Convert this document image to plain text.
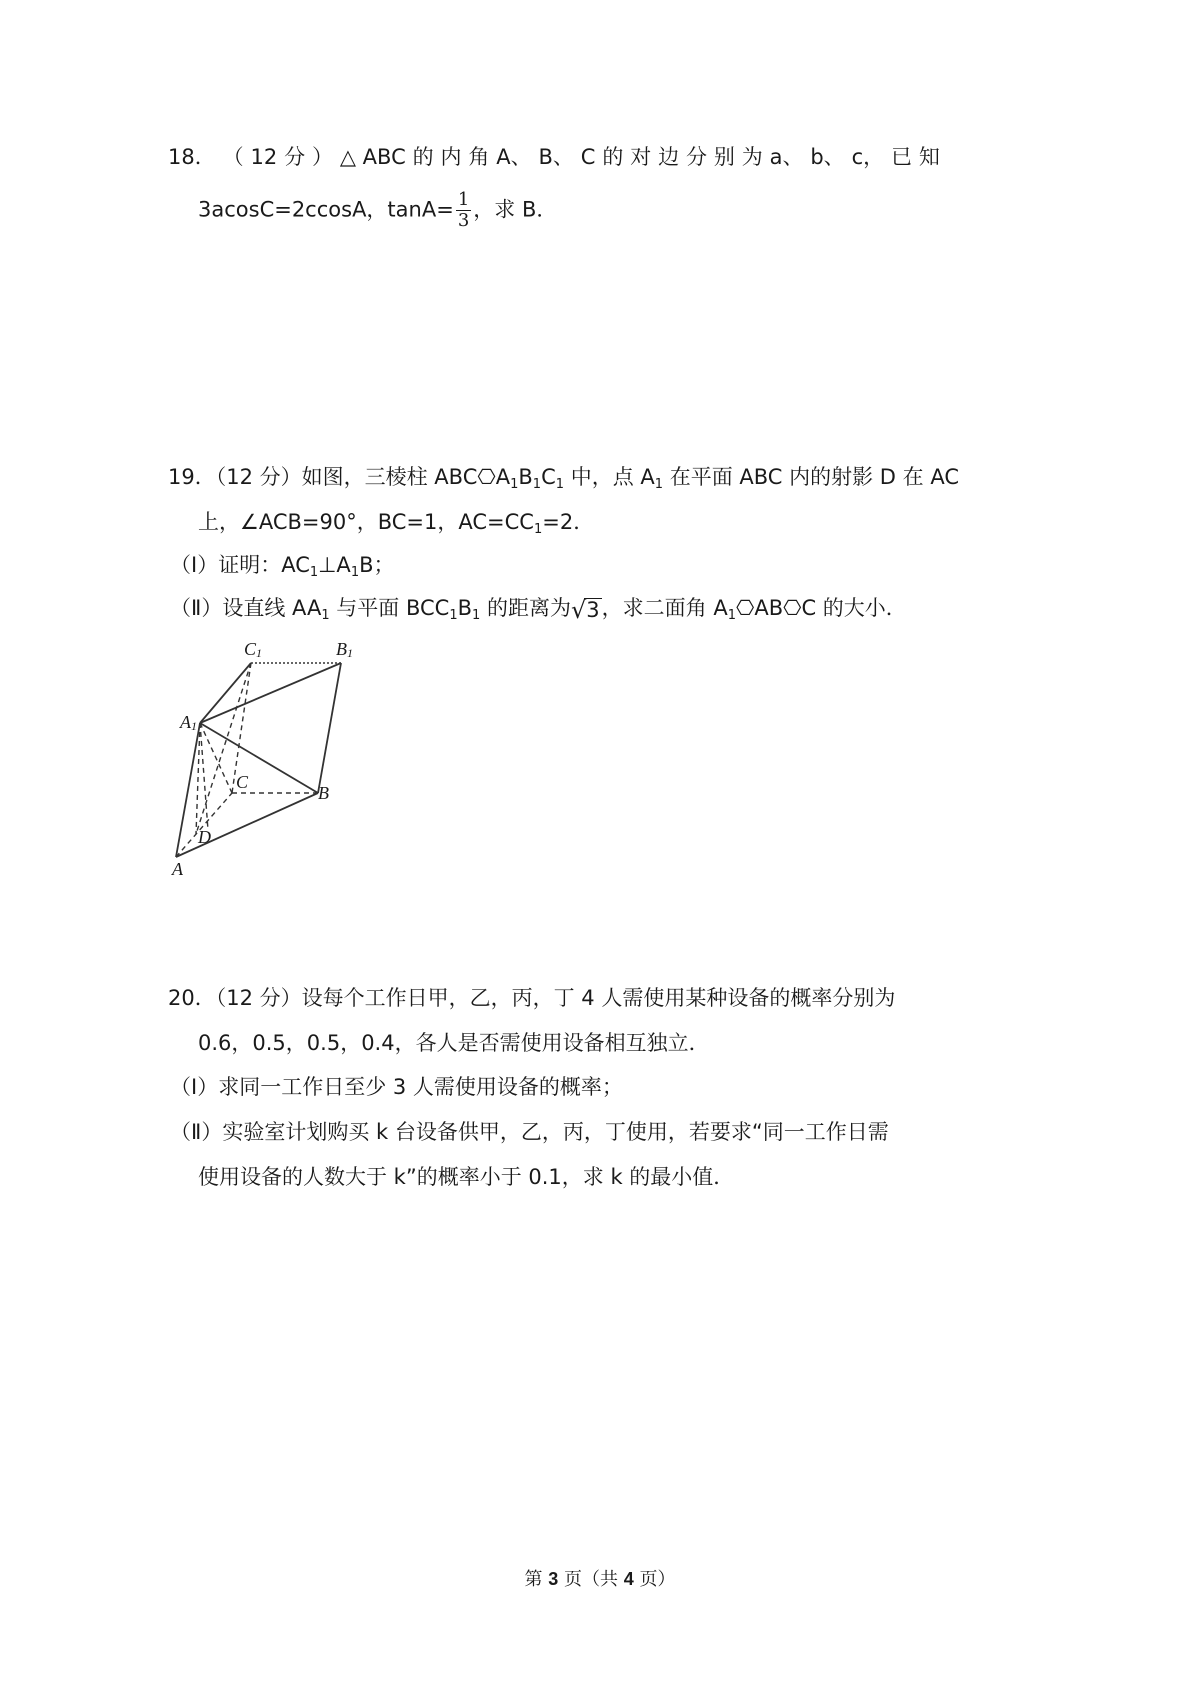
18． （ 12 分 ） △ ABC 的 内 角 A、 B、 C 的 对 边 分 别 为 a、 b、 c， 已 知
3acosC=2ccosA，$\tan A= \frac{1}{3}$ ，求 B．
19．（12 分）如图，三棱柱 $ABC⎔A_1B_1C_1$ 中，点 $A_1$ 在平面 ABC 内的射影 D 在 AC
上，∠ACB=90°，BC=1，$AC=CC_1=2$．
（Ⅰ）证明：$AC_1\perp A_1B$；
（Ⅱ）设直线 $AA_1$ 与平面 $BCC_1B_1$ 的距离为√3，求二面角 $A_1⎔AB⎔C$ 的大小．
C1	B1
A1
C
B
D
A
20．（12 分）设每个工作日甲，乙，丙，丁 4 人需使用某种设备的概率分别为
0.6，0.5，0.5，0.4，各人是否需使用设备相互独立．
（Ⅰ）求同一工作日至少 3 人需使用设备的概率；
（Ⅱ）实验室计划购买 k 台设备供甲，乙，丙，丁使用，若要求“同一工作日需
使用设备的人数大于 k”的概率小于 0.1，求 k 的最小值．
第 3 页（共 4 页）
